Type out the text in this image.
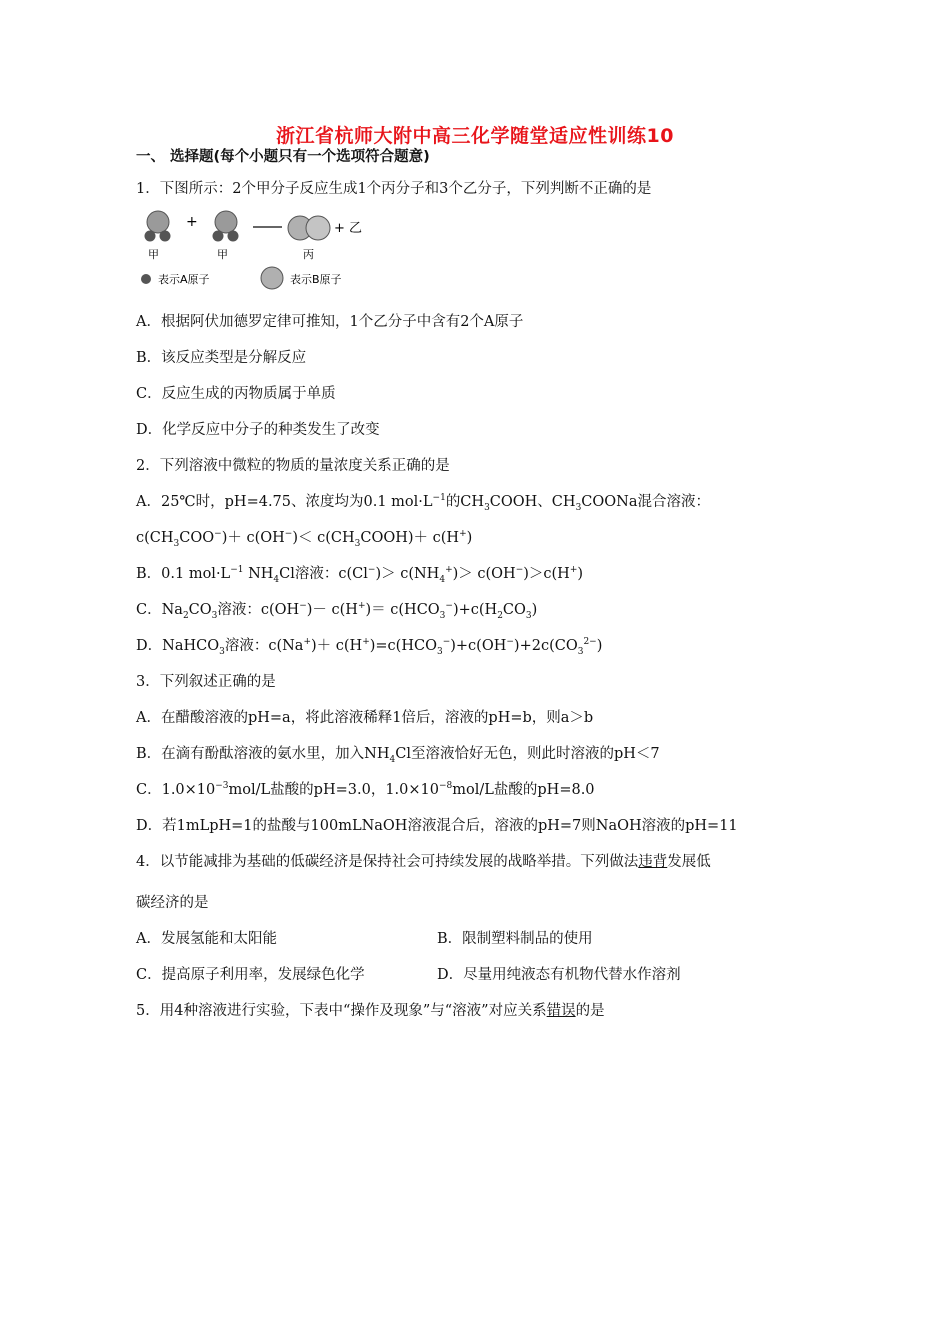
浙江省杭师大附中高三化学随堂适应性训练10
一、 选择题(每个小题只有一个选项符合题意)
1．下图所示：2个甲分子反应生成1个丙分子和3个乙分子，下列判断不正确的是
+	+ 乙
甲	甲	丙
表示A原子	表示B原子
A．根据阿伏加德罗定律可推知，1个乙分子中含有2个A原子
B．该反应类型是分解反应
C．反应生成的丙物质属于单质
D．化学反应中分子的种类发生了改变
2．下列溶液中微粒的物质的量浓度关系正确的是
A．25℃时，pH=4.75、浓度均为0.1 $mol\cdot L^{-1}$的$CH_3COOH$、$CH_3COONa$混合溶液：
$c(CH_3COO^-)+ c(OH^-)<$ $c(CH_3COOH)+ c(H^+)$
B．0.1 $mol\cdot L^{-1}$ $NH_4Cl$溶液：$c(Cl^-)> c(NH_4^+)> c(OH^-)>c(H^+)$
C．$Na_2CO_3$溶液：$c(OH^-)- c(H^+)= c(HCO_3^-)+c(H_2CO_3)$
D．NaHCO$_3$溶液：$c(Na^+)+ c(H^+)=c(HCO_3^-)+c(OH^-)+2c(CO_3^{2-})$
3．下列叙述正确的是
A．在醋酸溶液的pH=a，将此溶液稀释1倍后，溶液的pH=b，则a＞b
B．在滴有酚酞溶液的氨水里，加入$NH_4Cl$至溶液恰好无色，则此时溶液的pH＜7
C．$1.0\times 10^{-3}mol/L$盐酸的pH=3.0，$1.0\times 10^{-8}mol/L$盐酸的pH=8.0
D．若1mLpH=1的盐酸与100mLNaOH溶液混合后，溶液的pH=7则NaOH溶液的pH=11
4．以节能减排为基础的低碳经济是保持社会可持续发展的战略举措。下列做法违背发展低
碳经济的是
A．发展氢能和太阳能	B．限制塑料制品的使用
C．提高原子利用率，发展绿色化学	D．尽量用纯液态有机物代替水作溶剂
5．用4种溶液进行实验，下表中“操作及现象”与“溶液”对应关系错误的是
